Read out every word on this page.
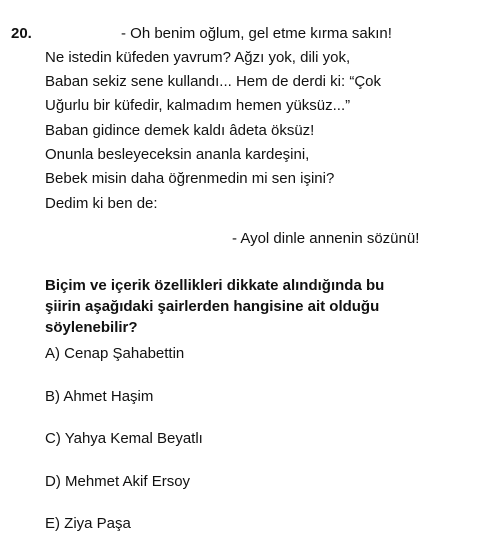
20.	- Oh benim oğlum, gel etme kırma sakın!
Ne istedin küfeden yavrum? Ağzı yok, dili yok,
Baban sekiz sene kullandı... Hem de derdi ki: “Çok
Uğurlu bir küfedir, kalmadım hemen yüksüz...”
Baban gidince demek kaldı âdeta öksüz!
Onunla besleyeceksin ananla kardeşini,
Bebek misin daha öğrenmedin mi sen işini?
Dedim ki ben de:
- Ayol dinle annenin sözünü!
Biçim ve içerik özellikleri dikkate alındığında bu
şiirin aşağıdaki şairlerden hangisine ait olduğu
söylenebilir?
A) Cenap Şahabettin
B) Ahmet Haşim
C) Yahya Kemal Beyatlı
D) Mehmet Akif Ersoy
E) Ziya Paşa
